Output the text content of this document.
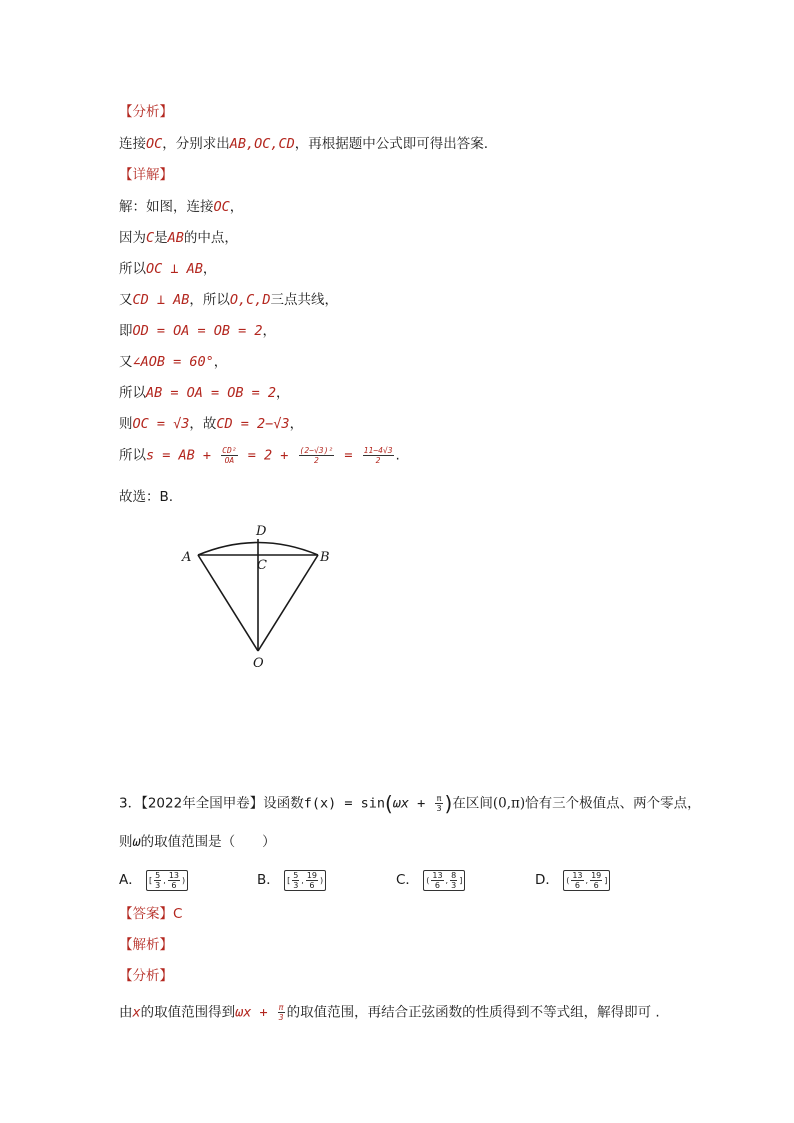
【分析】
连接OC，分别求出AB,OC,CD，再根据题中公式即可得出答案.
【详解】
解：如图，连接OC，
因为C是AB的中点，
所以OC ⊥ AB，
又CD ⊥ AB，所以O,C,D三点共线，
即OD = OA = OB = 2，
又∠AOB = 60°，
所以AB = OA = OB = 2，
则OC = √3，故CD = 2−√3，
所以s = AB + $\frac{\text{CD²}}{OA} = 2 + \frac{\text{(2−√3)²}}{2} = \frac{11-4√3}{2}$ .
故选：B.
A	B
C
D
O
3．【2022年全国甲卷】设函数$f(x) = \sin(\omega x + \frac{\pi}{3}$ )在区间(0,π)恰有三个极值点、两个零点，
则ω的取值范围是（　　）
A． [ $\frac{5}{3}$ , $\frac{13}{6}$ )	B． [ $\frac{5}{3}$ , $\frac{19}{6}$ )	C． ( $\frac{13}{6}$ , $\frac{8}{3}$ ]	D． ( $\frac{13}{6}$ , $\frac{19}{6}$ ]
【答案】C
【解析】
【分析】
由x的取值范围得到$\omega x + \frac{\pi}{3}$ 的取值范围，再结合正弦函数的性质得到不等式组，解得即可 .
